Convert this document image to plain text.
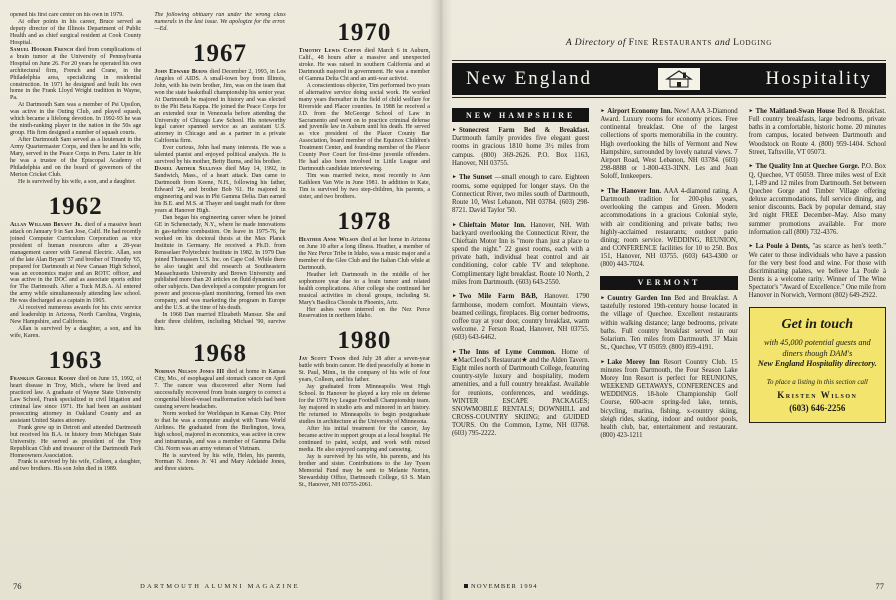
opened his first care center on his own in 1979.

At other points in his career, Bruce served as deputy director of the Illinois Department of Public Health and as chief surgical resident at Cook County Hospital.

Samuel Hooker French died from complications of a brain tumor at the University of Pennsylvania Hospital on June 26. For 20 years he operated his own architectural firm, French and Crane, in the Philadelphia area, specializing in residential construction. In 1971 he designed and built his own home in the Frank Lloyd Wright tradition in Wayne, Pa.

At Dartmouth Sam was a member of Psi Upsilon, was active in the Outing Club, and played squash, which became a lifelong devotion. In 1992-93 he was the ninth-ranking player in the nation in the 50s age group. His firm designed a number of squash courts.

After Dartmouth Sam served as a lieutenant in the Army Quartermaster Corps, and then he and his wife, Mary, served in the Peace Corps in Peru. Later in life he was a trustee of the Episcopal Academy of Philadelphia and on the board of governors of the Merion Cricket Club.

He is survived by his wife, a son, and a daughter.

1962

Allan Willard Bryant Jr. died of a massive heart attack on January 9 in San Jose, Calif. He had recently joined Computer Curriculum Corporation as vice president of human resources after a 28-year management career with General Electric. Allan, son of the late Alan Bryant '37 and brother of Timothy '65, prepared for Dartmouth at New Canaan High School, was an economics major and an ROTC officer, and was active in the DOC and as associate sports editor for The Dartmouth. After a Tuck M.B.A. Al entered the army while simultaneously attending law school. He was discharged as a captain in 1965.

Al received numerous awards for his civic service and leadership in Arizona, North Carolina, Virginia, New Hampshire, and California.

Allan is survived by a daughter, a son, and his wife, Karen.

1963

Franklin George Koory died on June 15, 1992, of heart disease in Troy, Mich., where he lived and practiced law. A graduate of Wayne State University Law School, Frank specialized in civil litigation and criminal law since 1971. He had been an assistant prosecuting attorney in Oakland County and an assistant United States attorney.

Frank grew up in Detroit and attended Dartmouth but received his B.A. in history from Michigan State University. He served as president of the Troy Republican Club and treasurer of the Dartmouth Park Homeowners Association.

Frank is survived by his wife, Colleen, a daughter, and two brothers. His son John died in 1989.

The following obituary ran under the wrong class numerals in the last issue. We apologize for the error.—Ed.
1967

John Edward Burns died December 2, 1993, in Los Angeles of AIDS. A small-town boy from Illinois, John, with his twin brother, Jim, was on the team that won the state basketball championship his senior year. At Dartmouth he majored in history and was elected to the Phi Beta Kappa. He joined the Peace Corps for an extended tour in Venezuela before attending the University of Chicago Law School. His noteworthy legal career spanned service as an assistant U.S. attorney in Chicago and as a partner in a private California firm.

Ever curious, John had many interests. He was a talented pianist and enjoyed political analysis. He is survived by his mother, Betty Burns, and his brother.

Daniel Arthur Sullivan died May 14, 1992, in Sandwich, Mass., of a heart attack. Dan came to Dartmouth from Keene, N.H., following his father, Edward '24, and brother Bob '61. He majored in engineering and was in Phi Gamma Delta. Dan earned his B.E. and M.S. at Thayer and taught math for three years at Hanover High.

Dan began his engineering career when he joined GE in Schenectady, N.Y., where he made innovations in gas-turbine combustion. On leave in 1975-76, he worked on his doctoral thesis at the Max Planck Institute in Germany. He received a Ph.D. from Rensselaer Polytechnic Institute in 1982. In 1979 Dan joined Thomassen U.S. Inc. on Cape Cod. While there he also taught and did research at Southeastern Massachusetts University and Brown University and published more than 20 articles on fluid dynamics and other subjects. Dan developed a computer program for power and process-plant monitoring, formed his own company, and was marketing the program in Europe and the U.S. at the time of his death.

In 1968 Dan married Elizabeth Mansur. She and their three children, including Michael '90, survive him.

1968

Norman Nelson Jones III died at home in Kansas City, Mo., of esophageal and stomach cancer on April 7. The cancer was discovered after Norm had successfully recovered from brain surgery to correct a congenital blood-vessel malformation which had been causing severe headaches.

Norm worked for Worldspan in Kansas City. Prior to that he was a computer analyst with Trans World Airlines. He graduated from the Burlington, Iowa, high school, majored in economics, was active in crew and intramurals, and was a member of Gamma Delta Chi. Norm was an army veteran of Vietnam.

He is survived by his wife, Helen, his parents, Norman N. Jones Jr. '41 and Mary Adelaide Jones, and three sisters.

1970

Timothy Lewis Coffin died March 6 in Auburn, Calif., 48 hours after a massive and unexpected stroke. He was raised in southern California and at Dartmouth majored in government. He was a member of Gamma Delta Chi and an anti-war activist.

A conscientious objector, Tim performed two years of alternative service doing social work. He worked many years thereafter in the field of child welfare for Riverside and Placer counties. In 1988 he received a J.D. from the McGeorge School of Law in Sacramento and went on to practice criminal defense and juvenile law in Auburn until his death. He served as vice president of the Placer County Bar Association, board member of the Equinox Children's Treatment Center, and founding member of the Placer County Peer Court for first-time juvenile offenders. He had also been involved in Little League and Dartmouth candidate interviewing.

Tim was married twice, most recently to Ann Kathleen Van Wie in June 1981. In addition to Kate, Tim is survived by two step-children, his parents, a sister, and two brothers.

1978

Heather Anne Wilson died at her home in Arizona on June 10 after a long illness. Heather, a member of the Nez Perce Tribe in Idaho, was a music major and a member of the Glee Club and the Italian Club while at Dartmouth.

Heather left Dartmouth in the middle of her sophomore year due to a brain tumor and related health complications. After college she continued her musical activities in choral groups, including St. Mary's Basilica Chorale in Phoenix, Ariz.

Her ashes were interred on the Nez Perce Reservation in northern Idaho.

1980

Jay Scott Tyson died July 28 after a seven-year battle with brain cancer. He died peacefully at home in St. Paul, Minn., in the company of his wife of four years, Colleen, and his father.

Jay graduated from Minneapolis West High School. In Hanover he played a key role on defense for the 1978 Ivy League Football Championship team. Jay majored in studio arts and minored in art history. He returned to Minneapolis to begin postgraduate studies in architecture at the University of Minnesota.

After his initial treatment for the cancer, Jay became active in support groups at a local hospital. He continued to paint, sculpt, and work with mixed media. He also enjoyed camping and canoeing.

Jay is survived by his wife, his parents, and his brother and sister. Contributions to the Jay Tyson Memorial Fund may be sent to Melanie Norten, Stewardship Office, Dartmouth College, 63 S. Main St., Hanover, NH 03755-2061.

76	DARTMOUTH ALUMNI MAGAZINE
A Directory of Fine Restaurants and Lodging
New England	Hospitality
NEW HAMPSHIRE

► Stonecrest Farm Bed & Breakfast. Dartmouth family provides five elegant guest rooms in gracious 1810 home 3½ miles from campus. (800) 369-2626. P.O. Box 1163, Hanover, NH 03755.

► The Sunset —small enough to care. Eighteen rooms, some equipped for longer stays. On the Connecticut River, two miles south of Dartmouth, Route 10, West Lebanon, NH 03784. (603) 298-8721. David Taylor '50.

► Chieftain Motor Inn. Hanover, NH. With backyard overlooking the Connecticut River, the Chieftain Motor Inn is "more than just a place to spend the night." 22 guest rooms, each with a private bath, individual heat control and air conditioning, color cable TV and telephone. Complimentary light breakfast. Route 10 North, 2 miles from Dartmouth. (603) 643-2550.

► Two Mile Farm B&B, Hanover. 1790 farmhouse, modern comfort. Mountain views, beamed ceilings, fireplaces. Big corner bedrooms, coffee tray at your door, country breakfast, warm welcome. 2 Ferson Road, Hanover, NH 03755. (603) 643-6462.

► The Inns of Lyme Common. Home of ★MacCleod's Restaurant★ and the Alden Tavern. Eight miles north of Dartmouth College, featuring country-style luxury and hospitality, modern amenities, and a full country breakfast. Available for reunions, conferences, and weddings. WINTER ESCAPE PACKAGES; SNOWMOBILE RENTALS; DOWNHILL and CROSS-COUNTRY SKIING; and GUIDED TOURS. On the Common, Lyme, NH 03768. (603) 795-2222.

► Airport Economy Inn. New! AAA 3-Diamond Award. Luxury rooms for economy prices. Free continental breakfast. One of the largest collections of sports memorabilia in the country. High overlooking the hills of Vermont and New Hampshire, surrounded by lovely natural views. 7 Airport Road, West Lebanon, NH 03784. (603) 298-8888 or 1-800-433-3INN. Les and Joan Soloff, Innkeepers.

► The Hanover Inn. AAA 4-diamond rating. A Dartmouth tradition for 200-plus years, overlooking the campus and Green. Modern accommodations in a gracious Colonial style, with air conditioning and private baths; two highly-acclaimed restaurants; outdoor patio dining; room service. WEDDING, REUNION, and CONFERENCE facilities for 10 to 250. Box 151, Hanover, NH 03755. (603) 643-4300 or (800) 443-7024.

VERMONT

► Country Garden Inn Bed and Breakfast. A tastefully restored 19th-century house located in the village of Quechee. Excellent restaurants within walking distance; large bedrooms, private baths. Full country breakfast served in our Solarium. Ten miles from Dartmouth. 37 Main St., Quechee, VT 05059. (800) 859-4191.

► Lake Morey Inn Resort Country Club. 15 minutes from Dartmouth, the Four Season Lake Morey Inn Resort is perfect for REUNIONS, WEEKEND GETAWAYS, CONFERENCES and WEDDINGS. 18-hole Championship Golf Course, 600-acre spring-fed lake, tennis, bicycling, marina, fishing, x-country skiing, sleigh rides, skating, indoor and outdoor pools, health club, bar, entertainment and restaurant. (800) 423-1211

► The Maitland-Swan House Bed & Breakfast. Full country breakfasts, large bedrooms, private baths in a comfortable, historic home. 20 minutes from campus, located between Dartmouth and Woodstock on Route 4. (800) 959-1404. School Street, Taftsville, VT 05073.

► The Quality Inn at Quechee Gorge. P.O. Box Q, Quechee, VT 05059. Three miles west of Exit 1, I-89 and 12 miles from Dartmouth. Set between Quechee Gorge and Timber Village offering deluxe accommodations, full service dining, and senior discounts. Back by popular demand, stay 3rd night FREE December–May. Also many summer promotions available. For more information call (800) 732-4376.

► La Poule à Dents, "as scarce as hen's teeth." We cater to those individuals who have a passion for the very best food and wine. For those with discriminating palates, we believe La Poule à Dents is a welcome rarity. Winner of The Wine Spectator's "Award of Excellence." One mile from Hanover in Norwich, Vermont (802) 649-2922.

Get in touch
with 45,000 potential guests and diners though DAM's
New England Hospitality directory.
To place a listing in this section call
Kristen Wilson
(603) 646-2256
NOVEMBER 1994	77
